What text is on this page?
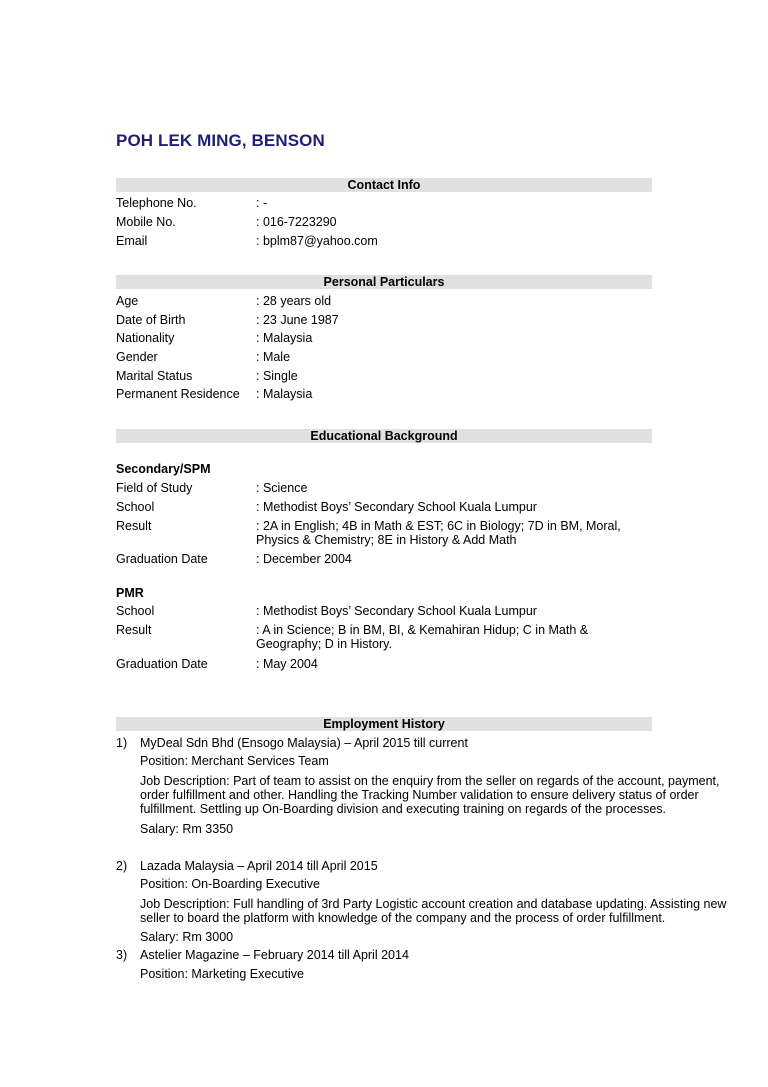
POH LEK MING, BENSON
Contact Info
Telephone No.	: -
Mobile No.	: 016-7223290
Email	: bplm87@yahoo.com
Personal Particulars
Age	: 28 years old
Date of Birth	: 23 June 1987
Nationality	: Malaysia
Gender	: Male
Marital Status	: Single
Permanent Residence	: Malaysia
Educational Background
Secondary/SPM
Field of Study	: Science
School	: Methodist Boys’ Secondary School Kuala Lumpur
Result	: 2A in English; 4B in Math & EST; 6C in Biology; 7D in BM, Moral, Physics & Chemistry; 8E in History & Add Math
Graduation Date	: December 2004
PMR
School	: Methodist Boys’ Secondary School Kuala Lumpur
Result	: A in Science; B in BM, BI, & Kemahiran Hidup; C in Math & Geography; D in History.
Graduation Date	: May 2004
Employment History
1) MyDeal Sdn Bhd (Ensogo Malaysia) – April 2015 till current
Position: Merchant Services Team
Job Description: Part of team to assist on the enquiry from the seller on regards of the account, payment, order fulfillment and other. Handling the Tracking Number validation to ensure delivery status of order fulfillment. Settling up On-Boarding division and executing training on regards of the processes.
Salary: Rm 3350
2) Lazada Malaysia – April 2014 till April 2015
Position: On-Boarding Executive
Job Description: Full handling of 3rd Party Logistic account creation and database updating. Assisting new seller to board the platform with knowledge of the company and the process of order fulfillment.
Salary: Rm 3000
3) Astelier Magazine – February 2014 till April 2014
Position: Marketing Executive
